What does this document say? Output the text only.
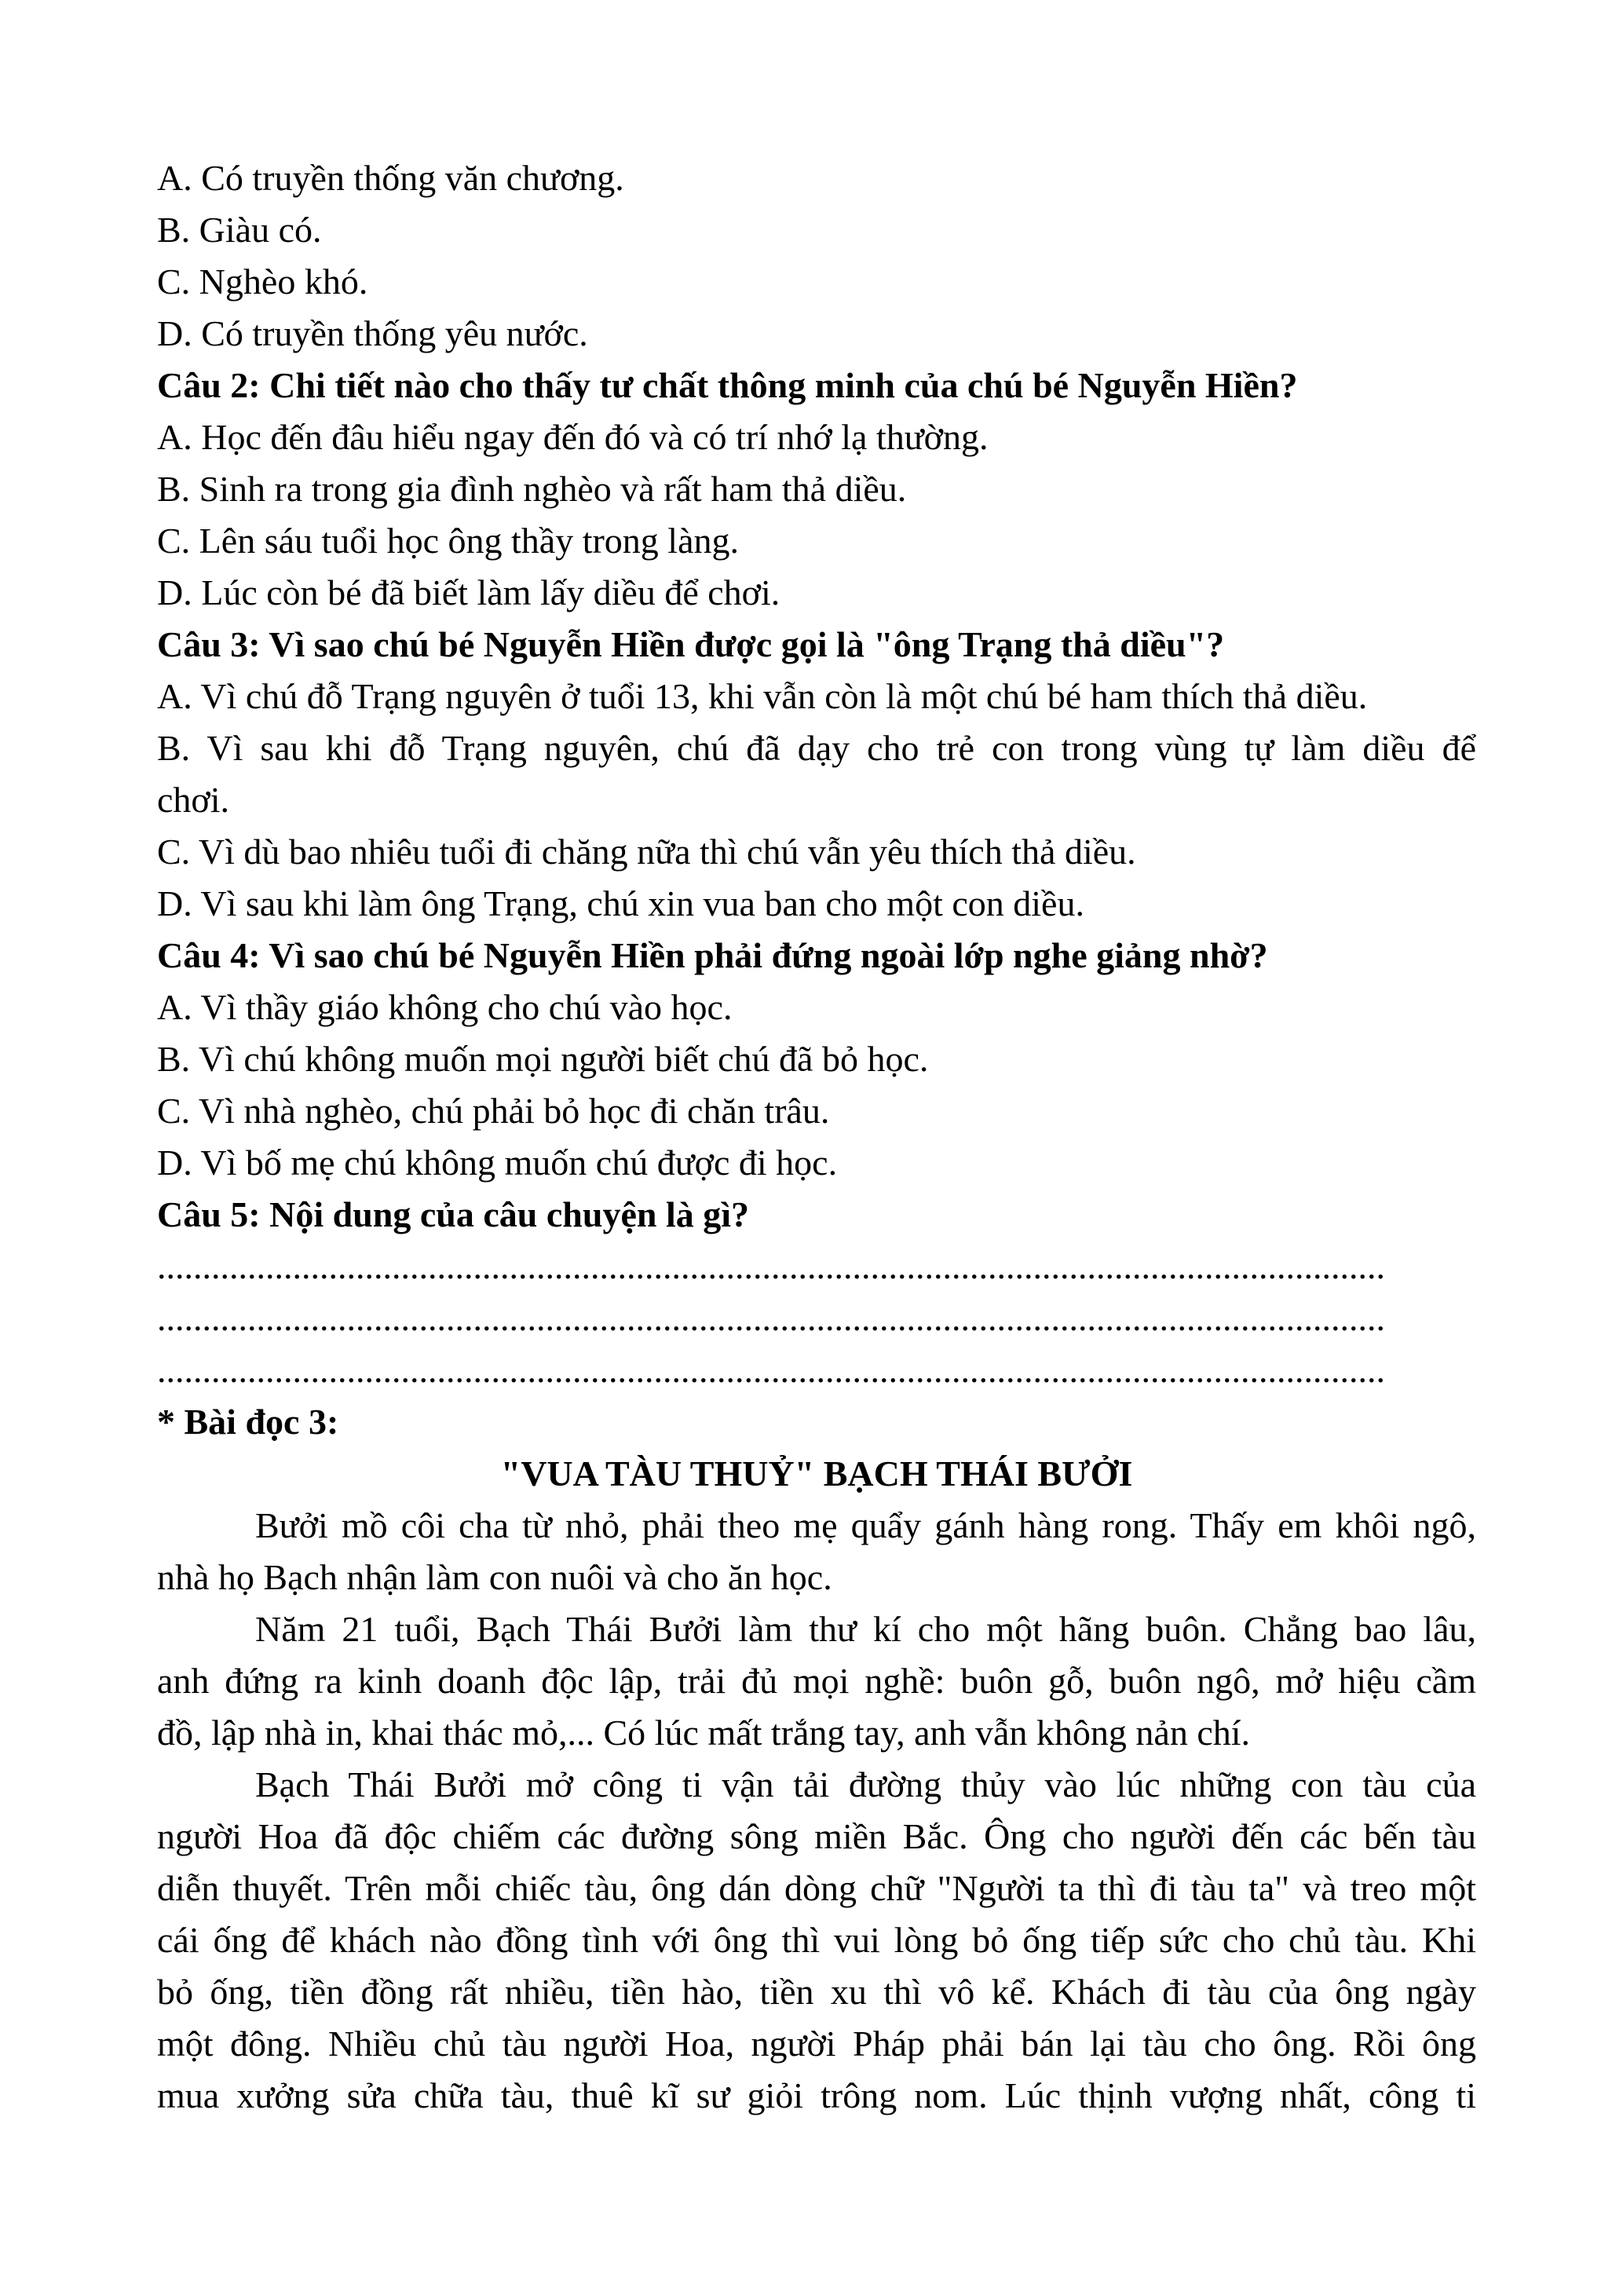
A. Có truyền thống văn chương.
B. Giàu có.
C. Nghèo khó.
D. Có truyền thống yêu nước.
Câu 2: Chi tiết nào cho thấy tư chất thông minh của chú bé Nguyễn Hiền?
A. Học đến đâu hiểu ngay đến đó và có trí nhớ lạ thường.
B. Sinh ra trong gia đình nghèo và rất ham thả diều.
C. Lên sáu tuổi học ông thầy trong làng.
D. Lúc còn bé đã biết làm lấy diều để chơi.
Câu 3: Vì sao chú bé Nguyễn Hiền được gọi là "ông Trạng thả diều"?
A. Vì chú đỗ Trạng nguyên ở tuổi 13, khi vẫn còn là một chú bé ham thích thả diều.
B. Vì sau khi đỗ Trạng nguyên, chú đã dạy cho trẻ con trong vùng tự làm diều để
chơi.
C. Vì dù bao nhiêu tuổi đi chăng nữa thì chú vẫn yêu thích thả diều.
D. Vì sau khi làm ông Trạng, chú xin vua ban cho một con diều.
Câu 4: Vì sao chú bé Nguyễn Hiền phải đứng ngoài lớp nghe giảng nhờ?
A. Vì thầy giáo không cho chú vào học.
B. Vì chú không muốn mọi người biết chú đã bỏ học.
C. Vì nhà nghèo, chú phải bỏ học đi chăn trâu.
D. Vì bố mẹ chú không muốn chú được đi học.
Câu 5: Nội dung của câu chuyện là gì?
........................................................................................................................................
........................................................................................................................................
........................................................................................................................................
* Bài đọc 3:
"VUA TÀU THUỶ" BẠCH THÁI BƯỞI
Bưởi mồ côi cha từ nhỏ, phải theo mẹ quẩy gánh hàng rong. Thấy em khôi ngô,
nhà họ Bạch nhận làm con nuôi và cho ăn học.
Năm 21 tuổi, Bạch Thái Bưởi làm thư kí cho một hãng buôn. Chẳng bao lâu,
anh đứng ra kinh doanh độc lập, trải đủ mọi nghề: buôn gỗ, buôn ngô, mở hiệu cầm
đồ, lập nhà in, khai thác mỏ,... Có lúc mất trắng tay, anh vẫn không nản chí.
Bạch Thái Bưởi mở công ti vận tải đường thủy vào lúc những con tàu của
người Hoa đã độc chiếm các đường sông miền Bắc. Ông cho người đến các bến tàu
diễn thuyết. Trên mỗi chiếc tàu, ông dán dòng chữ "Người ta thì đi tàu ta" và treo một
cái ống để khách nào đồng tình với ông thì vui lòng bỏ ống tiếp sức cho chủ tàu. Khi
bỏ ống, tiền đồng rất nhiều, tiền hào, tiền xu thì vô kể. Khách đi tàu của ông ngày
một đông. Nhiều chủ tàu người Hoa, người Pháp phải bán lại tàu cho ông. Rồi ông
mua xưởng sửa chữa tàu, thuê kĩ sư giỏi trông nom. Lúc thịnh vượng nhất, công ti
